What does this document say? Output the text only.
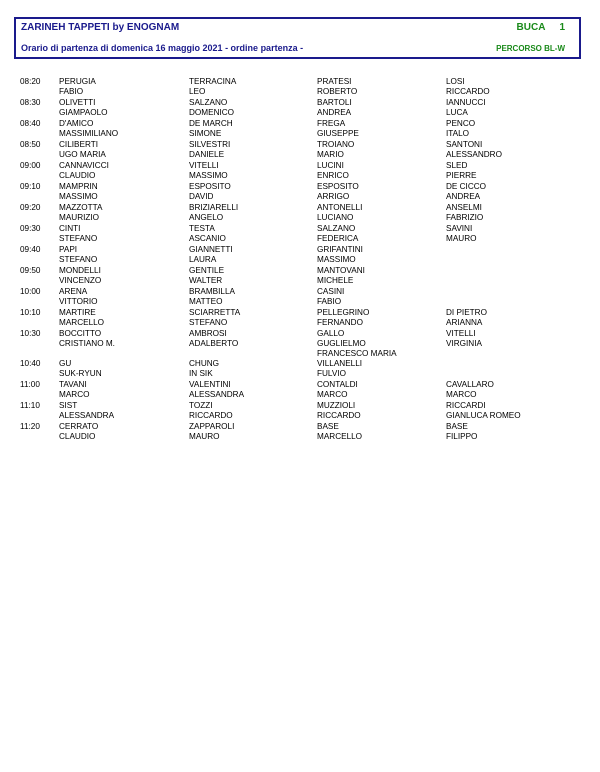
ZARINEH TAPPETI by ENOGNAM
Orario di partenza di domenica 16 maggio 2021 - ordine partenza -
BUCA 1
PERCORSO BL-W
08:20 PERUGIA
FABIO
TERRACINA
LEO
PRATESI
ROBERTO
LOSI
RICCARDO
08:30 OLIVETTI
GIAMPAOLO
SALZANO
DOMENICO
BARTOLI
ANDREA
IANNUCCI
LUCA
08:40 D'AMICO
MASSIMILIANO
DE MARCH
SIMONE
FREGA
GIUSEPPE
PENCO
ITALO
08:50 CILIBERTI
UGO MARIA
SILVESTRI
DANIELE
TROIANO
MARIO
SANTONI
ALESSANDRO
09:00 CANNAVICCI
CLAUDIO
VITELLI
MASSIMO
LUCINI
ENRICO
SLED
PIERRE
09:10 MAMPRIN
MASSIMO
ESPOSITO
DAVID
ESPOSITO
ARRIGO
DE CICCO
ANDREA
09:20 MAZZOTTA
MAURIZIO
BRIZIARELLI
ANGELO
ANTONELLI
LUCIANO
ANSELMI
FABRIZIO
09:30 CINTI
STEFANO
TESTA
ASCANIO
SALZANO
FEDERICA
SAVINI
MAURO
09:40 PAPI
STEFANO
GIANNETTI
LAURA
GRIFANTINI
MASSIMO
09:50 MONDELLI
VINCENZO
GENTILE
WALTER
MANTOVANI
MICHELE
10:00 ARENA
VITTORIO
BRAMBILLA
MATTEO
CASINI
FABIO
10:10 MARTIRE
MARCELLO
SCIARRETTA
STEFANO
PELLEGRINO
FERNANDO
DI PIETRO
ARIANNA
10:30 BOCCITTO
CRISTIANO M.
AMBROSI
ADALBERTO
GALLO
GUGLIELMO
FRANCESCO MARIA
VITELLI
VIRGINIA
10:40 GU
SUK-RYUN
CHUNG
IN SIK
VILLANELLI
FULVIO
11:00 TAVANI
MARCO
VALENTINI
ALESSANDRA
CONTALDI
MARCO
CAVALLARO
MARCO
11:10 SIST
ALESSANDRA
TOZZI
RICCARDO
MUZZIOLI
RICCARDO
RICCARDI
GIANLUCA ROMEO
11:20 CERRATO
CLAUDIO
ZAPPAROLI
MAURO
BASE
MARCELLO
BASE
FILIPPO
